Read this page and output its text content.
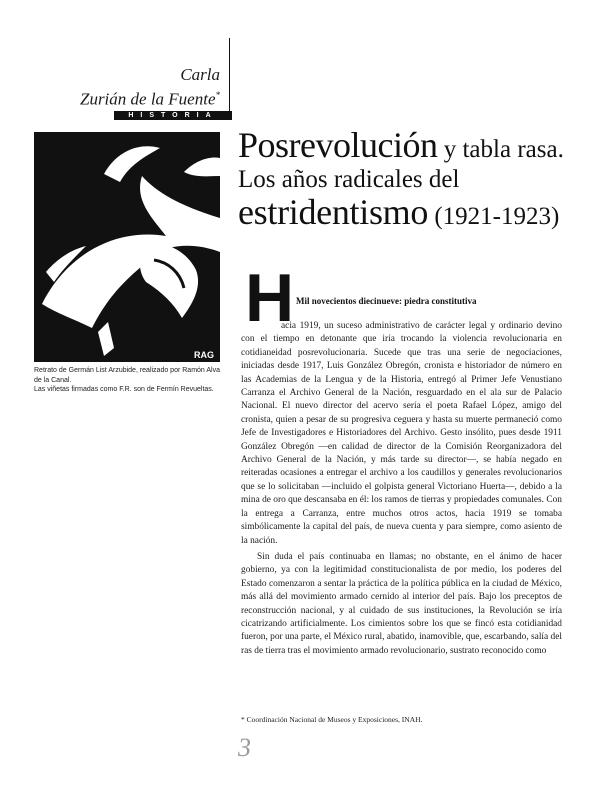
Carla
Zurián de la Fuente*
HISTORIA
RAG
Retrato de Germán List Arzubide, realizado por Ramón Alva de la Canal.
Las viñetas firmadas como F.R. son de Fermín Revueltas.
Posrevolución y tabla rasa.
Los años radicales del
estridentismo (1921-1923)
H Mil novecientos diecinueve: piedra constitutiva

acia 1919, un suceso administrativo de carácter legal y ordinario devino con el tiempo en detonante que iría trocando la violencia revolucionaria en cotidianeidad posrevolucionaria. Sucede que tras una serie de negociaciones, iniciadas desde 1917, Luis González Obregón, cronista e historiador de número en las Academias de la Lengua y de la Historia, entregó al Primer Jefe Venustiano Carranza el Archivo General de la Nación, resguardado en el ala sur de Palacio Nacional. El nuevo director del acervo sería el poeta Rafael López, amigo del cronista, quien a pesar de su progresiva ceguera y hasta su muerte permaneció como Jefe de Investigadores e Historiadores del Archivo. Gesto insólito, pues desde 1911 González Obregón —en calidad de director de la Comisión Reorganizadora del Archivo General de la Nación, y más tarde su director—, se había negado en reiteradas ocasiones a entregar el archivo a los caudillos y generales revolucionarios que se lo solicitaban —incluido el golpista general Victoriano Huerta—, debido a la mina de oro que descansaba en él: los ramos de tierras y propiedades comunales. Con la entrega a Carranza, entre muchos otros actos, hacia 1919 se tomaba simbólicamente la capital del país, de nueva cuenta y para siempre, como asiento de la nación.

Sin duda el país continuaba en llamas; no obstante, en el ánimo de hacer gobierno, ya con la legitimidad constitucionalista de por medio, los poderes del Estado comenzaron a sentar la práctica de la política pública en la ciudad de México, más allá del movimiento armado cernido al interior del país. Bajo los preceptos de reconstrucción nacional, y al cuidado de sus instituciones, la Revolución se iría cicatrizando artificialmente. Los cimientos sobre los que se fincó esta cotidianidad fueron, por una parte, el México rural, abatido, inamovible, que, escarbando, salía del ras de tierra tras el movimiento armado revolucionario, sustrato reconocido como

* Coordinación Nacional de Museos y Exposiciones, INAH.
3
